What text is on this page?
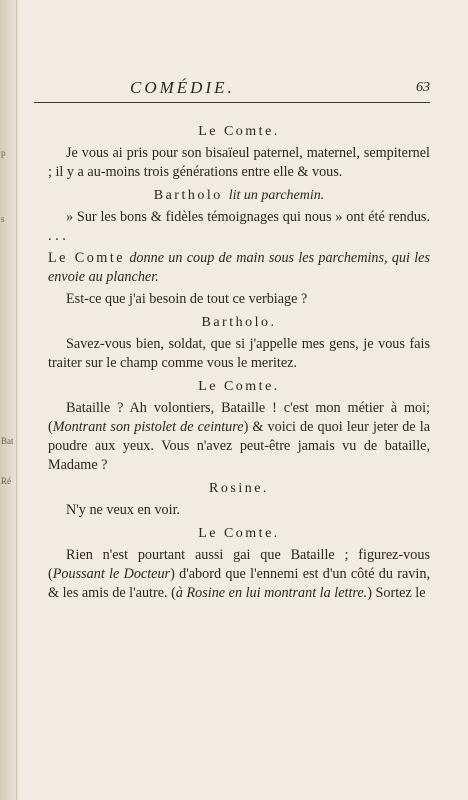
p
s
Bat
Ré
COMÉDIE.	63
Le Comte.

Je vous ai pris pour son bisaïeul paternel, maternel, sempiternel ; il y a au-moins trois générations entre elle & vous.

Bartholo lit un parchemin.

» Sur les bons & fidèles témoignages qui nous » ont été rendus. . . .

Le Comte donne un coup de main sous les parchemins, qui les envoie au plancher.

Est-ce que j'ai besoin de tout ce verbiage ?

Bartholo.

Savez-vous bien, soldat, que si j'appelle mes gens, je vous fais traiter sur le champ comme vous le meritez.

Le Comte.

Bataille ? Ah volontiers, Bataille ! c'est mon métier à moi; (Montrant son pistolet de ceinture) & voici de quoi leur jeter de la poudre aux yeux. Vous n'avez peut-être jamais vu de bataille, Madame ?

Rosine.

N'y ne veux en voir.

Le Comte.

Rien n'est pourtant aussi gai que Bataille ; figurez-vous (Poussant le Docteur) d'abord que l'ennemi est d'un côté du ravin, & les amis de l'autre. (à Rosine en lui montrant la lettre.) Sortez le
